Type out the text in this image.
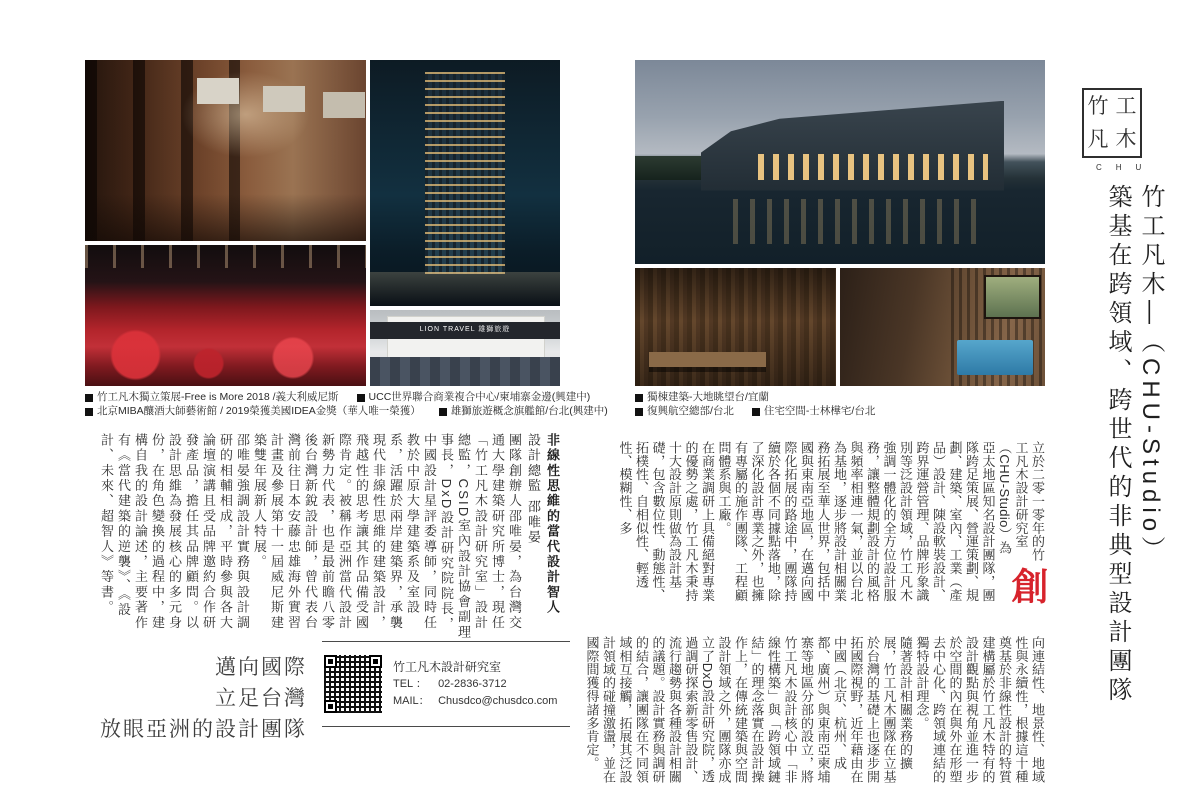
LION TRAVEL 雄獅旅遊
竹工凡木獨立策展-Free is More 2018 /義大利威尼斯	UCC世界聯合商業複合中心/柬埔寨金邊(興建中)
北京MIBA釀酒大師藝術館 / 2019榮獲美國IDEA金獎（華人唯一榮獲）	雄獅旅遊概念旗艦館/台北(興建中)
非線性思維的當代設計智人
設計總監 邵唯晏

團隊創辦人邵唯晏，為台灣交通大學建築研究所博士，現任「竹工凡木設計研究室」設計總監，CSID室內設計協會副理事長，DxD設計研究院院長，中國設計星評委導師，同時任教於中原大學建築系及室設系，活躍於兩岸建築界，承襲現代非線性思維的建築設計，飛越性的思考讓其作品備受國際肯定。被稱作亞洲當代設計新勢力代表，也是最前瞻八零後台灣新銳設計師，曾代表台灣前往日本安藤忠雄海外實習計畫及參展第十一屆威尼斯建築雙年展新人特展。

邵唯晏強調設計實務與設計調研的相輔相成，平時參與各大論壇演講且受品牌邀約合作研發產品，擔任其品牌顧問。以設計思維為發展核心的多元身份，在角色變換的過程中，建構自我的設計論述，主要著作有《當代建築的逆襲》、《設計、未來、超智人》等書。

邁向國際
立足台灣
放眼亞洲的設計團隊
竹工凡木設計研究室
TEL ： 02-2836-3712
MAIL： Chusdco@chusdco.com
獨棟建築-大地眺望台/宜蘭
復興航空總部/台北	住宅空間-士林樺宅/台北

創
立於二零一零年的竹工凡木設計研究室（CHU-Studio）為亞太地區知名設計團隊，團隊跨足策展、營運策劃、規劃、建築、室內、工業（產品）設計、陳設軟裝設計、跨界運營管理、品牌形象識別等泛設計領域，竹工凡木強調一體化的全方位設計服務，讓整體規劃設計的風格與頻率相連一氣，並以台北為基地，逐步將設計相關業務拓展至華人世界，包括中國與東南亞地區，在邁向國際化拓展的路途中，團隊持續於各個不同據點落地，除了深化設計專業之外，也擁有專屬的施作團隊、工程顧問體系與工廠。

在商業調研上具備絕對專業的優勢之處，竹工凡木秉持十大設計原則做為設計基礎，包含數位性、動態性、拓樸性、自相似性、輕透性、模糊性、多

向連結性、地景性、地域性與永續性，根據這十種奠基於非線性設計的特質建構屬於竹工凡木特有的設計觀點與視角並進一步於空間的內在與外在形塑去中心化、跨領域連結的獨特設計理念。

隨著設計相關業務的擴展，竹工凡木團隊在立基於台灣的基礎上也逐步開拓國際視野，近年藉由在中國（北京、杭州、成都、廣州）與東南亞柬埔寨等地區分部的設立，將竹工凡木設計核心中「非線性構築」與「跨領域鏈結」的理念落實在設計操作上，在傳統建築與空間設計領域之外，團隊亦成立了DxD設計研究院，透過調研探索新零售設計、流行趨勢與各種設計相關的議題。設計實務與調研的結合，讓團隊在不同領域相互接觸，拓展其泛設計領域的碰撞激盪，並在國際間獲得諸多肯定。

竹 工
凡 木
CHU
竹工凡木—（CHU-Studio）
築基在跨領域、跨世代的非典型設計團隊
